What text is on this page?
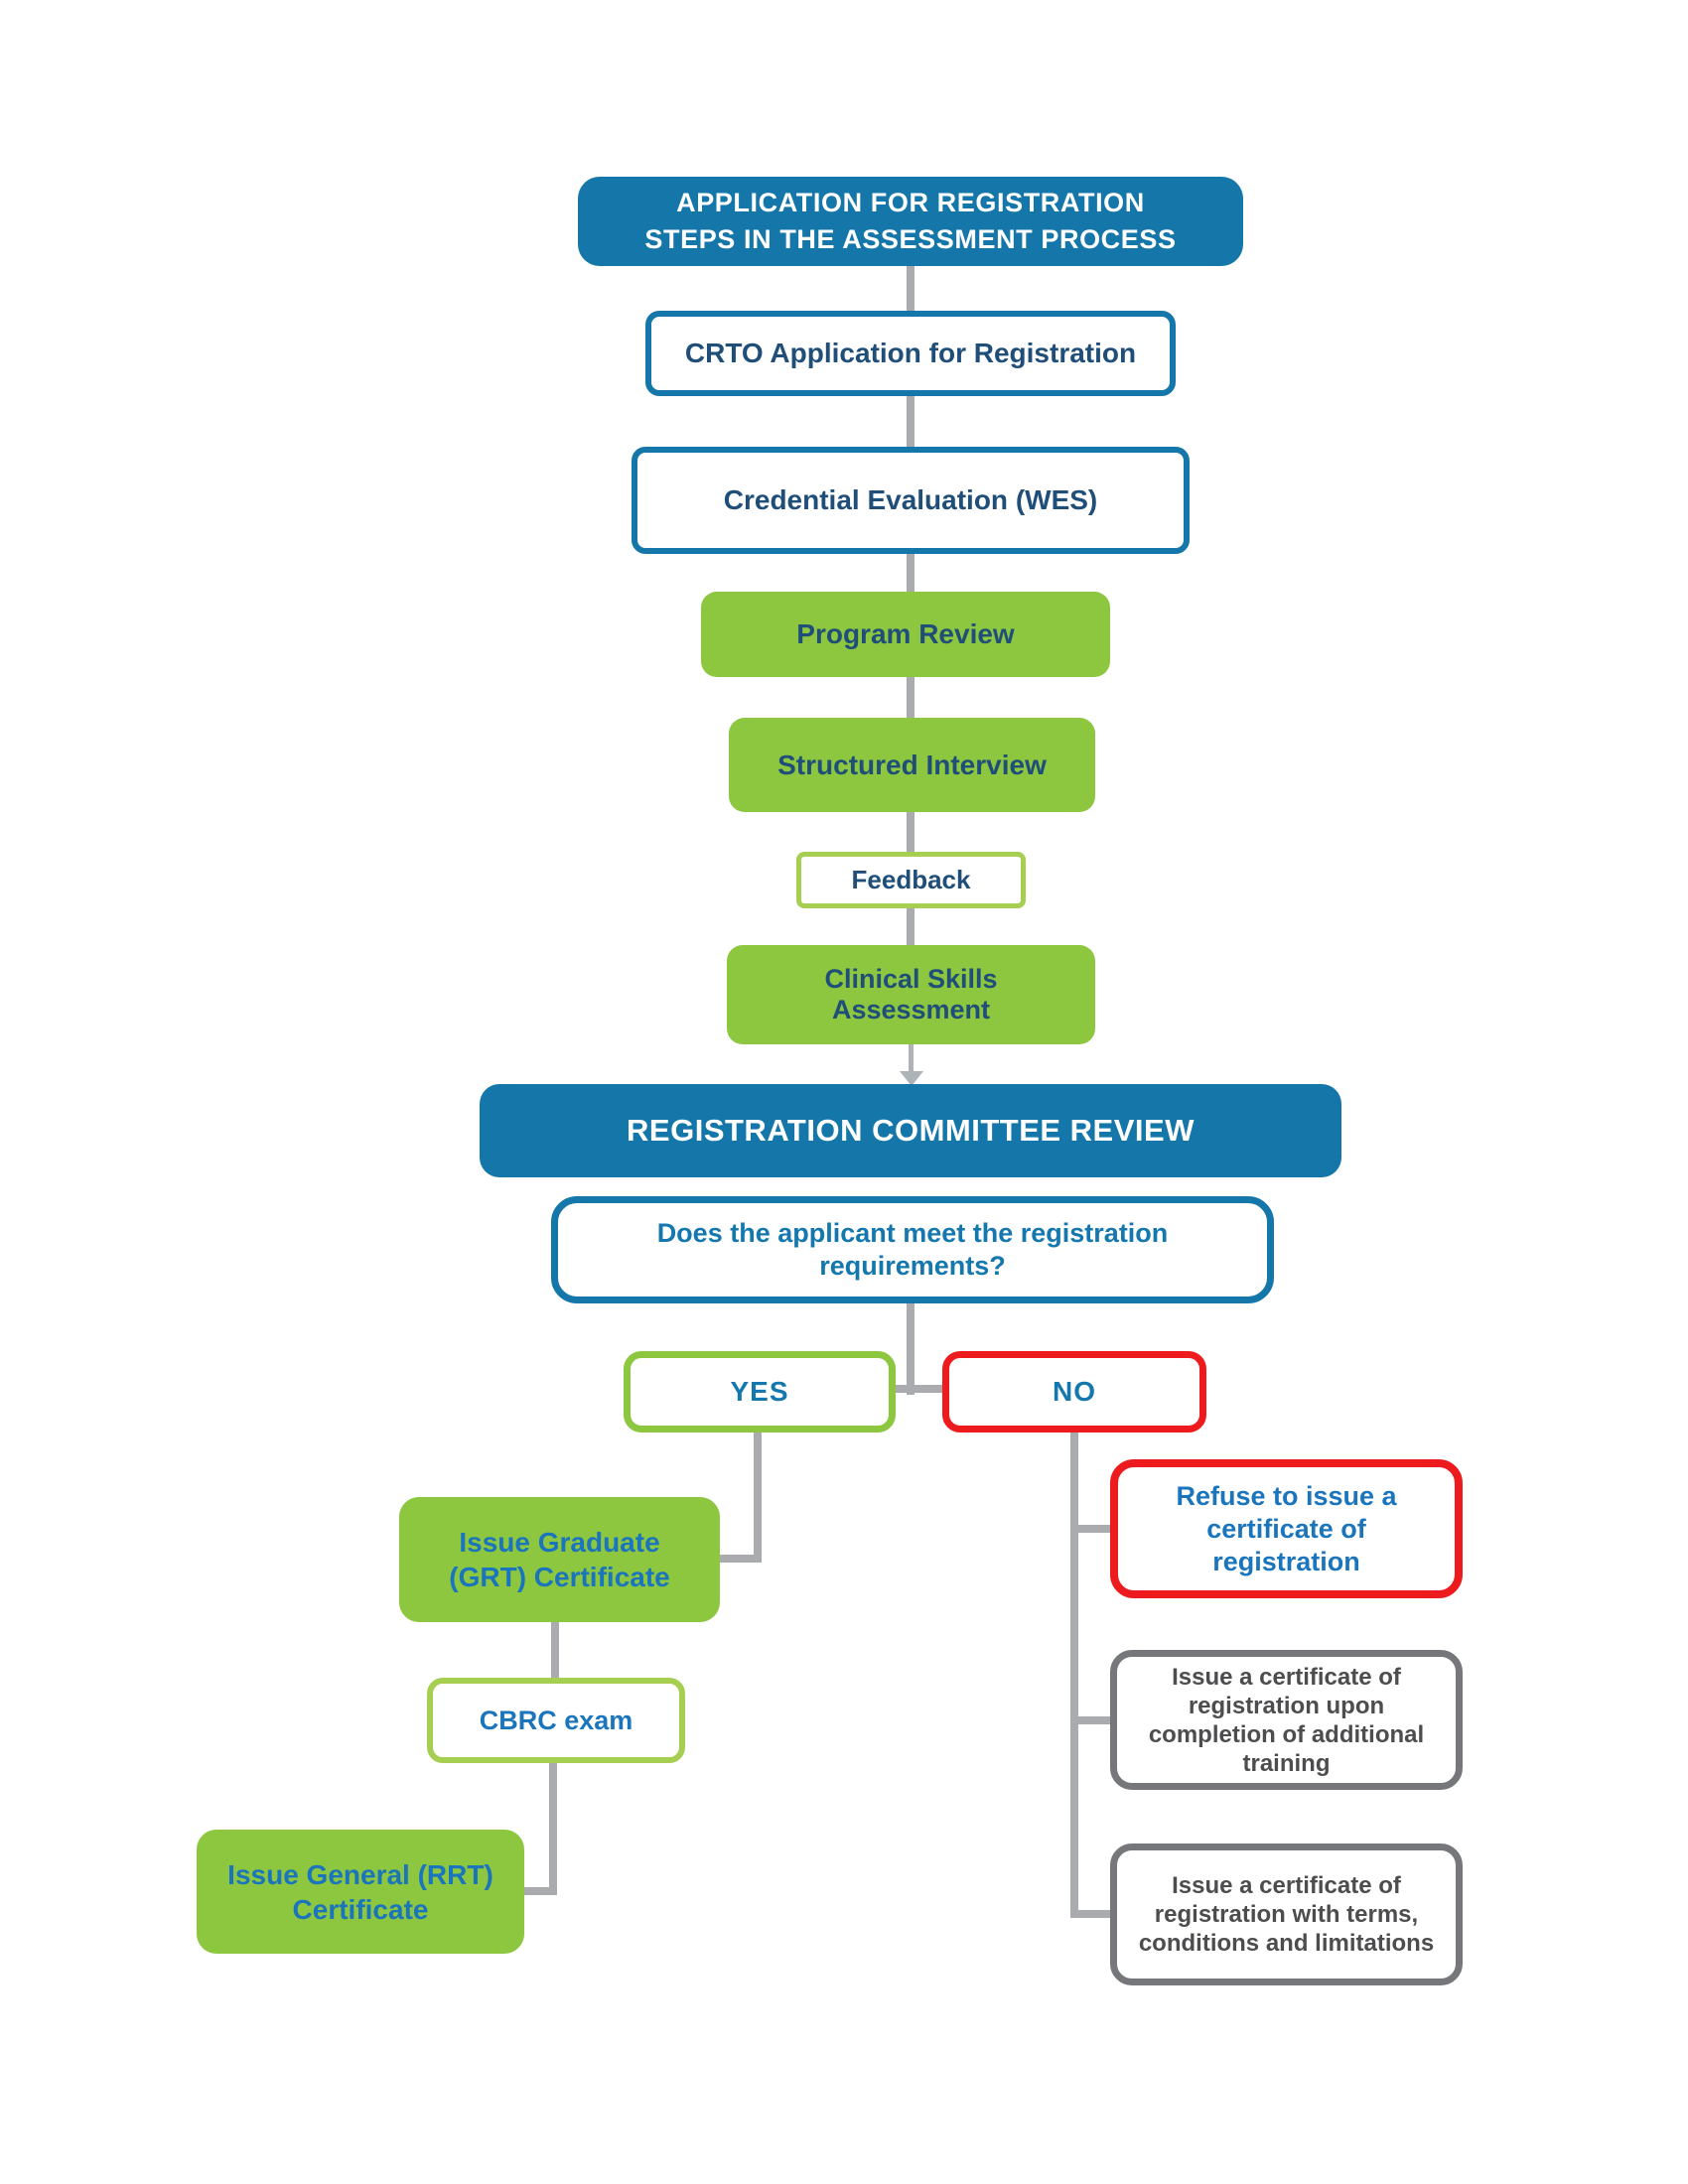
APPLICATION FOR REGISTRATION
STEPS IN THE ASSESSMENT PROCESS
CRTO Application for Registration
Credential Evaluation (WES)
Program Review
Structured Interview
Feedback
Clinical Skills
Assessment
REGISTRATION COMMITTEE REVIEW
Does the applicant meet the registration requirements?
YES	NO
Issue Graduate
(GRT) Certificate
CBRC exam
Issue General (RRT)
Certificate
Refuse to issue a certificate of registration
Issue a certificate of registration upon completion of additional training
Issue a certificate of registration with terms, conditions and limitations
